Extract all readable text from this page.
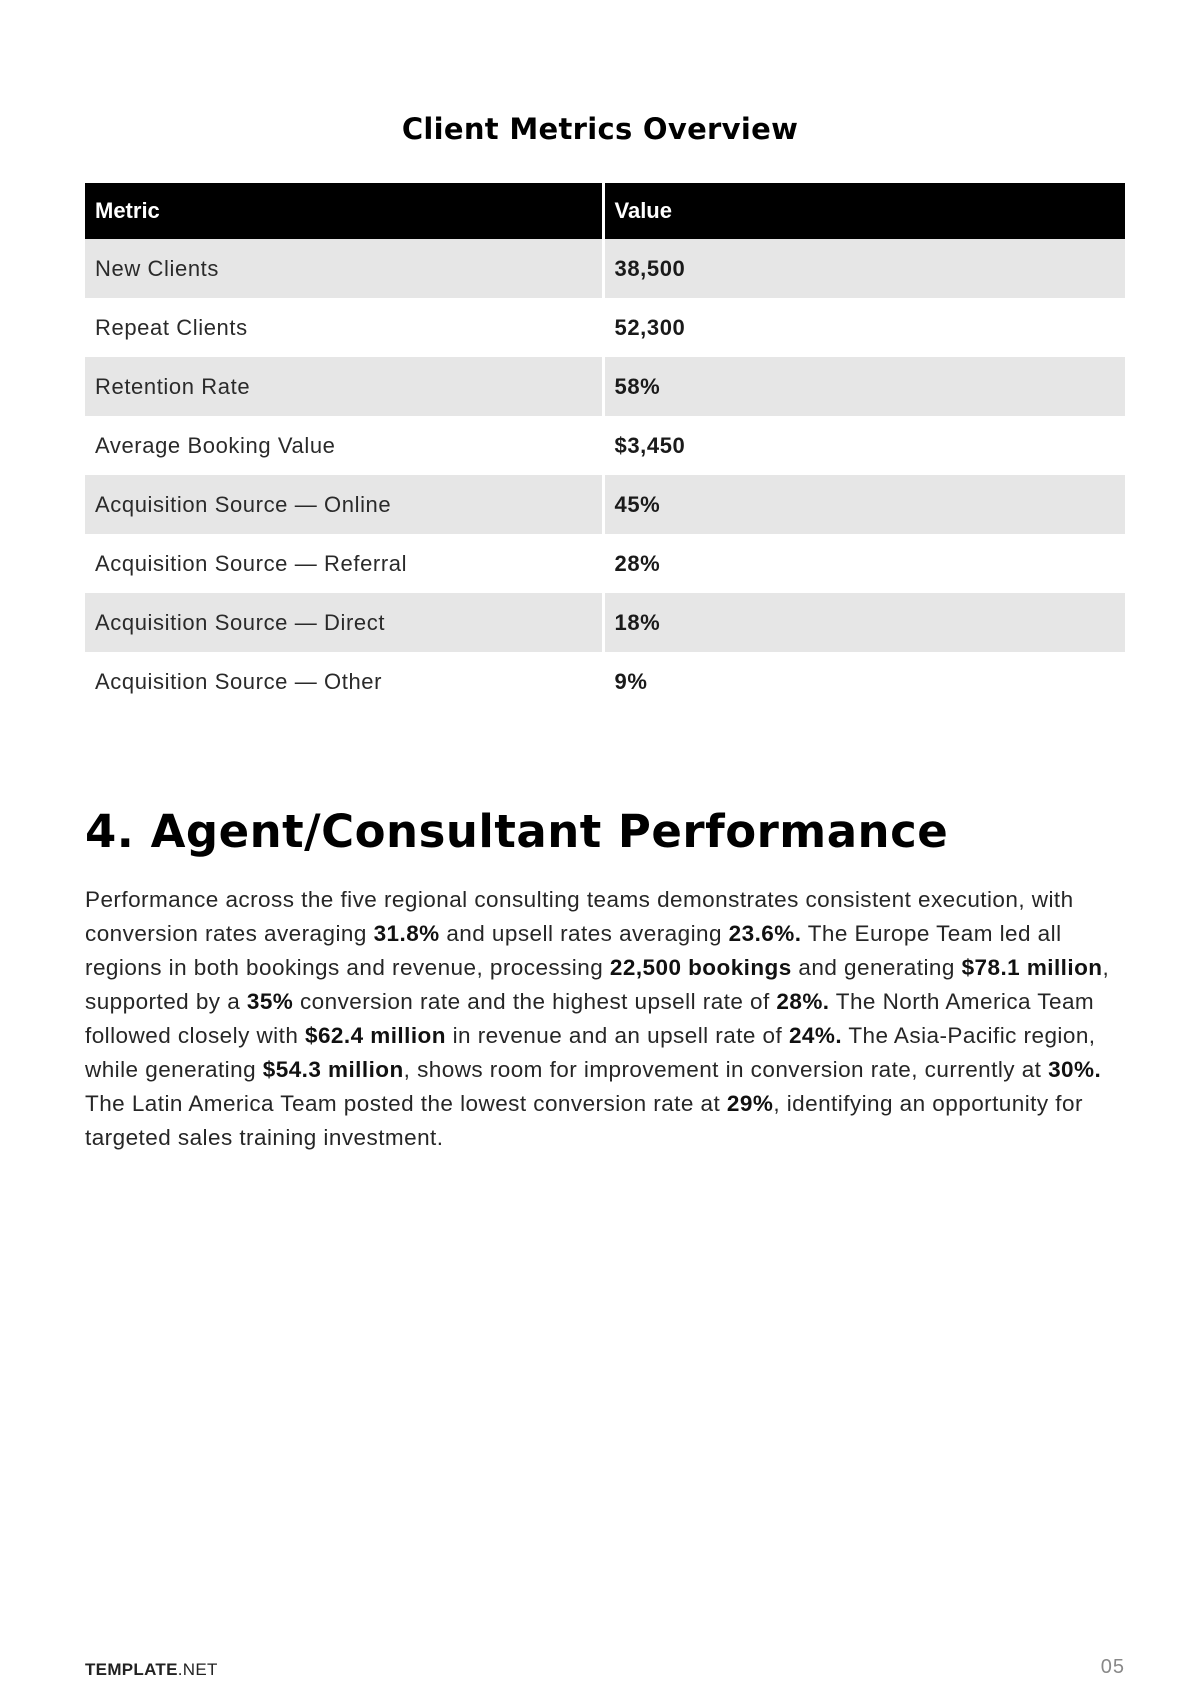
Client Metrics Overview
Metric	Value
New Clients	38,500
Repeat Clients	52,300
Retention Rate	58%
Average Booking Value	$3,450
Acquisition Source — Online	45%
Acquisition Source — Referral	28%
Acquisition Source — Direct	18%
Acquisition Source — Other	9%
4. Agent/Consultant Performance

Performance across the five regional consulting teams demonstrates consistent execution, with conversion rates averaging 31.8% and upsell rates averaging 23.6%. The Europe Team led all regions in both bookings and revenue, processing 22,500 bookings and generating $78.1 million, supported by a 35% conversion rate and the highest upsell rate of 28%. The North America Team followed closely with $62.4 million in revenue and an upsell rate of 24%. The Asia-Pacific region, while generating $54.3 million, shows room for improvement in conversion rate, currently at 30%. The Latin America Team posted the lowest conversion rate at 29%, identifying an opportunity for targeted sales training investment.

TEMPLATE.NET	05
